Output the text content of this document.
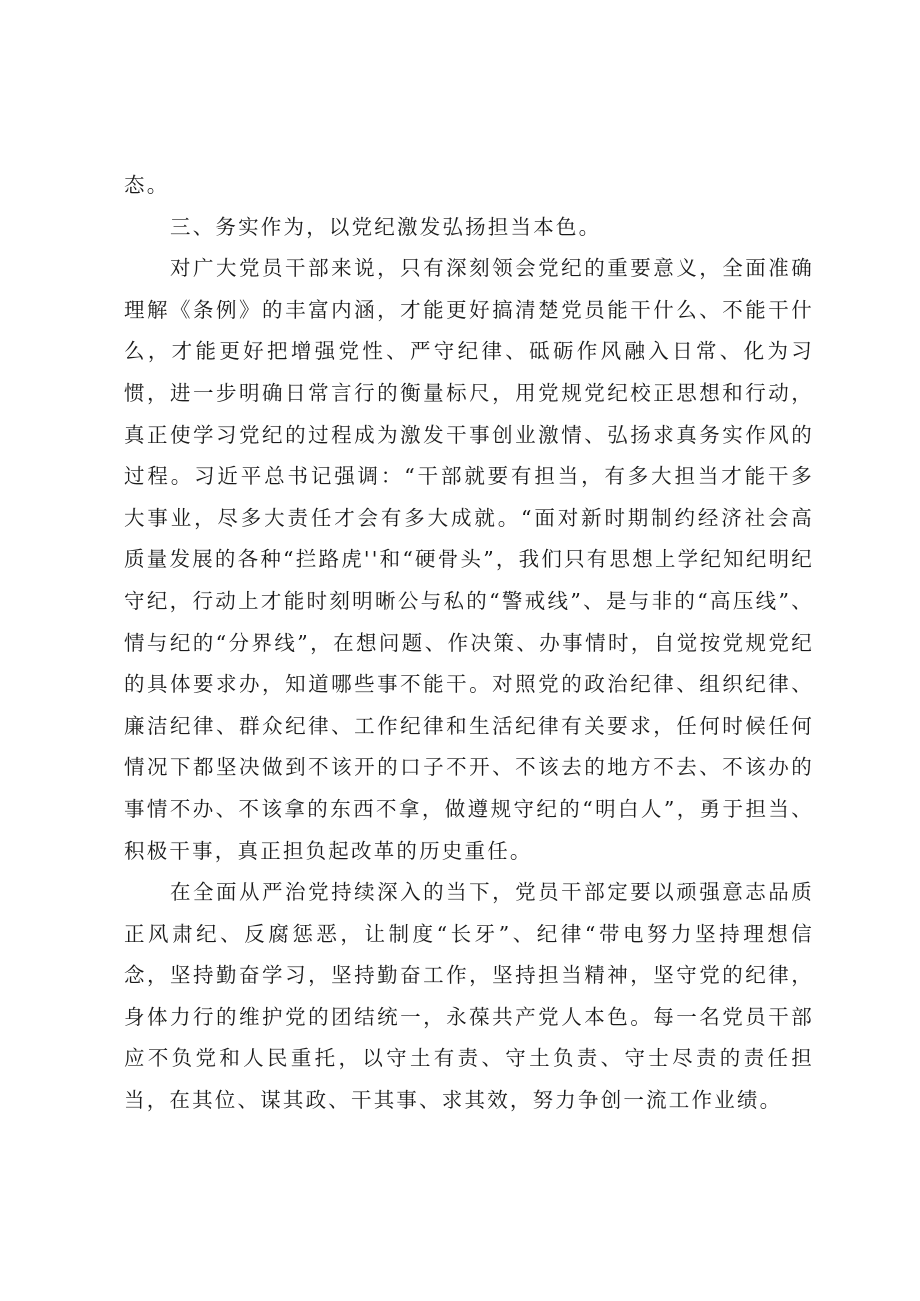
态。

三、务实作为，以党纪激发弘扬担当本色。

对广大党员干部来说，只有深刻领会党纪的重要意义，全面准确理解《条例》的丰富内涵，才能更好搞清楚党员能干什么、不能干什么，才能更好把增强党性、严守纪律、砥砺作风融入日常、化为习惯，进一步明确日常言行的衡量标尺，用党规党纪校正思想和行动，真正使学习党纪的过程成为激发干事创业激情、弘扬求真务实作风的过程。习近平总书记强调：“干部就要有担当，有多大担当才能干多大事业，尽多大责任才会有多大成就。“面对新时期制约经济社会高质量发展的各种“拦路虎''和“硬骨头”，我们只有思想上学纪知纪明纪守纪，行动上才能时刻明晰公与私的“警戒线”、是与非的“高压线”、情与纪的“分界线”，在想问题、作决策、办事情时，自觉按党规党纪的具体要求办，知道哪些事不能干。对照党的政治纪律、组织纪律、廉洁纪律、群众纪律、工作纪律和生活纪律有关要求，任何时候任何情况下都坚决做到不该开的口子不开、不该去的地方不去、不该办的事情不办、不该拿的东西不拿，做遵规守纪的“明白人”，勇于担当、积极干事，真正担负起改革的历史重任。

在全面从严治党持续深入的当下，党员干部定要以顽强意志品质正风肃纪、反腐惩恶，让制度“长牙”、纪律“带电努力坚持理想信念，坚持勤奋学习，坚持勤奋工作，坚持担当精神，坚守党的纪律，身体力行的维护党的团结统一，永葆共产党人本色。每一名党员干部应不负党和人民重托，以守土有责、守土负责、守士尽责的责任担当，在其位、谋其政、干其事、求其效，努力争创一流工作业绩。
